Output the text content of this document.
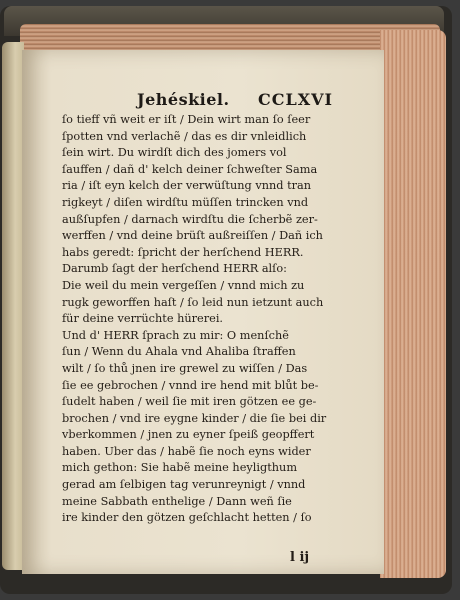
Jehéskiel. CCLXVI
ſo tieff vñ weit er iſt / Dein wirt man ſo ſeer
ſpotten vnd verlachẽ / das es dir vnleidlich
ſein wirt. Du wirdſt dich des jomers vol
ſauffen / dañ d' kelch deiner ſchweſter Sama
ria / iſt eyn kelch der verwüſtung vnnd tran
rigkeyt / diſen wirdſtu müſſen trincken vnd
außſupfen / darnach wirdſtu die ſcherbẽ zer-
werffen / vnd deine brüſt außreiſſen / Dañ ich
habs geredt: ſpricht der herſchend HERR.
Darumb ſagt der herſchend HERR alſo:
Die weil du mein vergeſſen / vnnd mich zu
rugk geworffen haſt / ſo leid nun ietzunt auch
für deine verrüchte hürerei.
Und d' HERR ſprach zu mir: O menſchẽ
ſun / Wenn du Ahala vnd Ahaliba ſtraffen
wilt / ſo thů jnen ire grewel zu wiſſen / Das
ſie ee gebrochen / vnnd ire hend mit blůt be-
ſudelt haben / weil ſie mit iren götzen ee ge-
brochen / vnd ire eygne kinder / die ſie bei dir
vberkommen / jnen zu eyner ſpeiß geopffert
haben. Uber das / habẽ ſie noch eyns wider
mich gethon: Sie habẽ meine heyligthum
gerad am ſelbigen tag verunreynigt / vnnd
meine Sabbath enthelige / Dann weñ ſie
ire kinder den götzen geſchlacht hetten / ſo
l ij
